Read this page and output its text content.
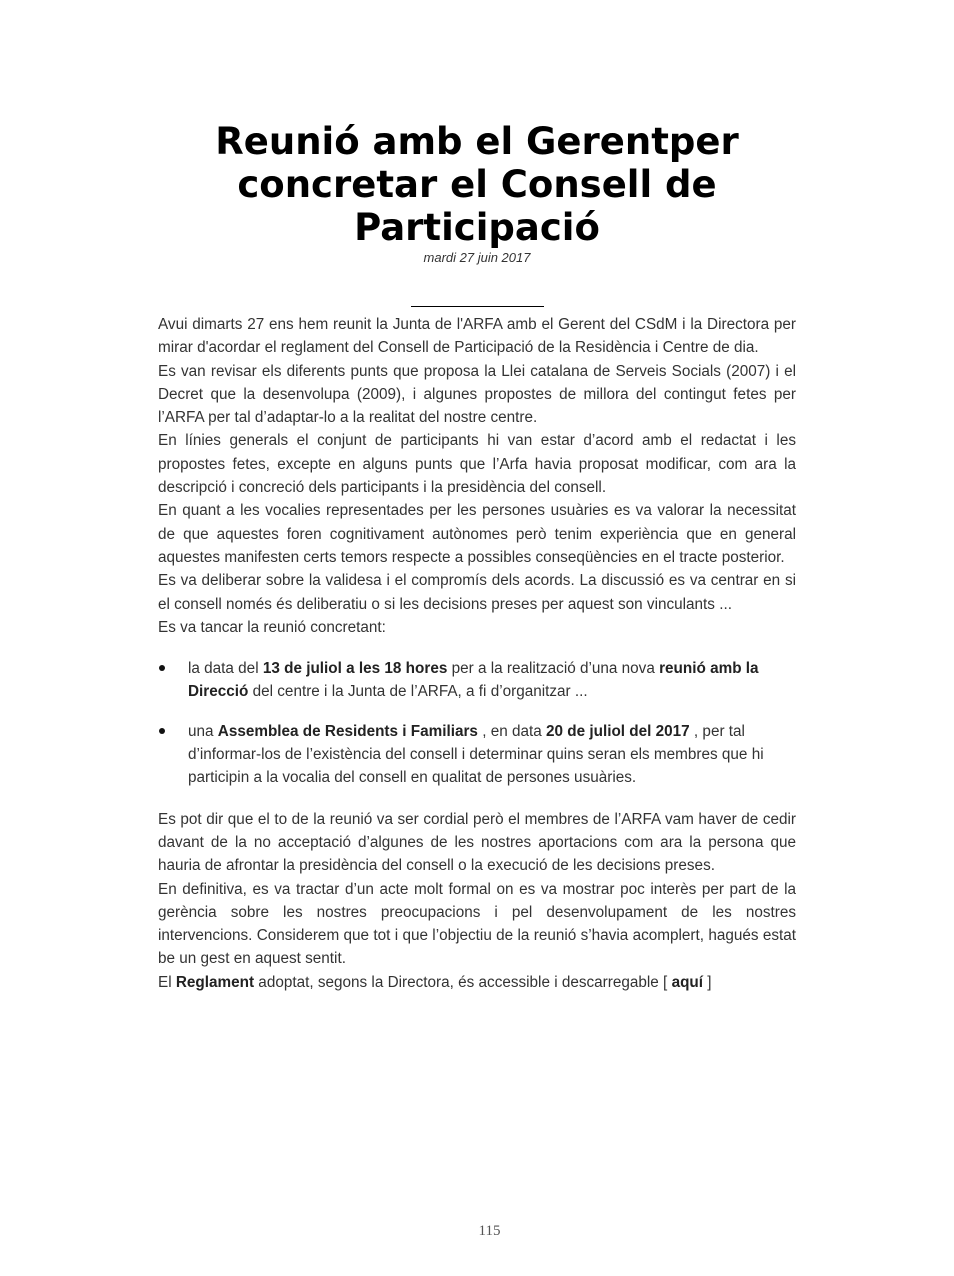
Reunió amb el Gerentper
concretar el Consell de
Participació
mardi 27 juin 2017

Avui dimarts 27 ens hem reunit la Junta de l'ARFA amb el Gerent del CSdM i la Directora per mirar d'acordar el reglament del Consell de Participació de la Residència i Centre de dia.

Es van revisar els diferents punts que proposa la Llei catalana de Serveis Socials (2007) i el Decret que la desenvolupa (2009), i algunes propostes de millora del contingut fetes per l’ARFA per tal d’adaptar-lo a la realitat del nostre centre.

En línies generals el conjunt de participants hi van estar d’acord amb el redactat i les propostes fetes, excepte en alguns punts que l’Arfa havia proposat modificar, com ara la descripció i concreció dels participants i la presidència del consell.

En quant a les vocalies representades per les persones usuàries es va valorar la necessitat de que aquestes foren cognitivament autònomes però tenim experiència que en general aquestes manifesten certs temors respecte a possibles conseqüències en el tracte posterior.

Es va deliberar sobre la validesa i el compromís dels acords. La discussió es va centrar en si el consell només és deliberatiu o si les decisions preses per aquest son vinculants ...

Es va tancar la reunió concretant:

la data del 13 de juliol a les 18 hores per a la realització d’una nova reunió amb la Direcció del centre i la Junta de l’ARFA, a fi d’organitzar ...
una Assemblea de Residents i Familiars , en data 20 de juliol del 2017 , per tal d’informar-los de l’existència del consell i determinar quins seran els membres que hi participin a la vocalia del consell en qualitat de persones usuàries.

Es pot dir que el to de la reunió va ser cordial però el membres de l’ARFA vam haver de cedir davant de la no acceptació d’algunes de les nostres aportacions com ara la persona que hauria de afrontar la presidència del consell o la execució de les decisions preses.

En definitiva, es va tractar d’un acte molt formal on es va mostrar poc interès per part de la gerència sobre les nostres preocupacions i pel desenvolupament de les nostres intervencions. Considerem que tot i que l’objectiu de la reunió s’havia acomplert, hagués estat be un gest en aquest sentit.

El Reglament adoptat, segons la Directora, és accessible i descarregable [ aquí ]

115
